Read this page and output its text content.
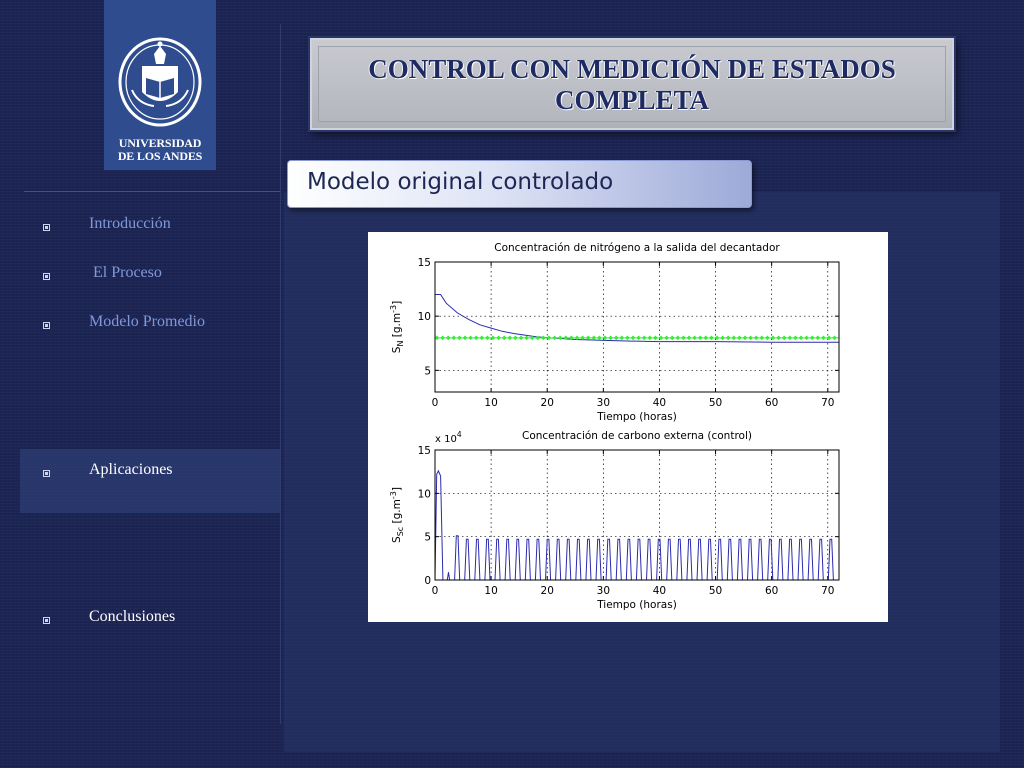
UNIVERSIDAD
DE LOS ANDES
CONTROL CON MEDICIÓN DE ESTADOS COMPLETA
Modelo original controlado
Introducción
El Proceso
Modelo Promedio
Aplicaciones
Conclusiones
0	10	20	30	40	50	60	70
5
10
15
Concentración de nitrógeno a la salida del decantador
Tiempo (horas)
$S_N$ $[g.m^{-3}]$
0	10	20	30	40	50	60	70
0
5
10
15
Concentración de carbono externa (control)
Tiempo (horas)
$S_{Sc}$ $[g.m^{-3}]$
x $10^4$
